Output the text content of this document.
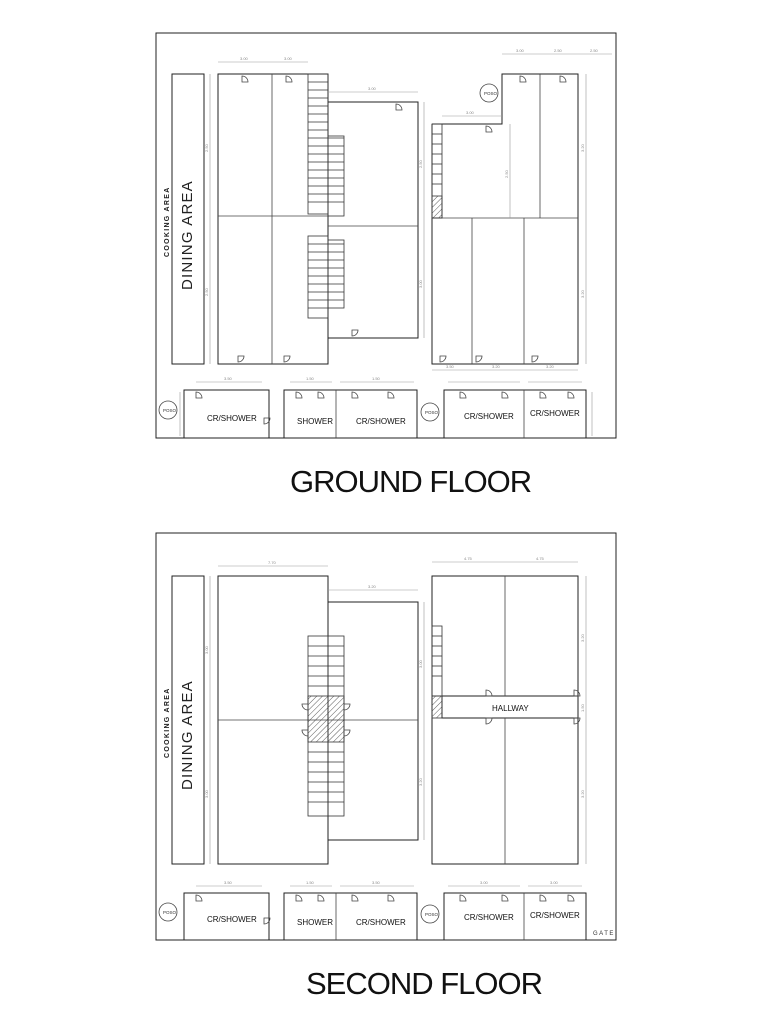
COOKING AREA DINING AREA
POSO
3.00	3.00
3.00
2.50
2.50
2.50
3.00
3.00
3.00	2.50	2.50
2.50
3.20
3.20
3.50	3.20	3.20
POSO	POSO
3.50	1.50	1.50
CR/SHOWER	SHOWER	CR/SHOWER
CR/SHOWER CR/SHOWER
GROUND FLOOR
COOKING AREA DINING AREA	HALLWAY
7.70
3.20
4.75	4.75
3.00
3.00
3.00
3.20
3.20
1.50
3.20
POSO	POSO
3.50	1.50	3.50	3.00	3.00
CR/SHOWER	SHOWER	CR/SHOWER
CR/SHOWER CR/SHOWER
GATE
SECOND FLOOR
